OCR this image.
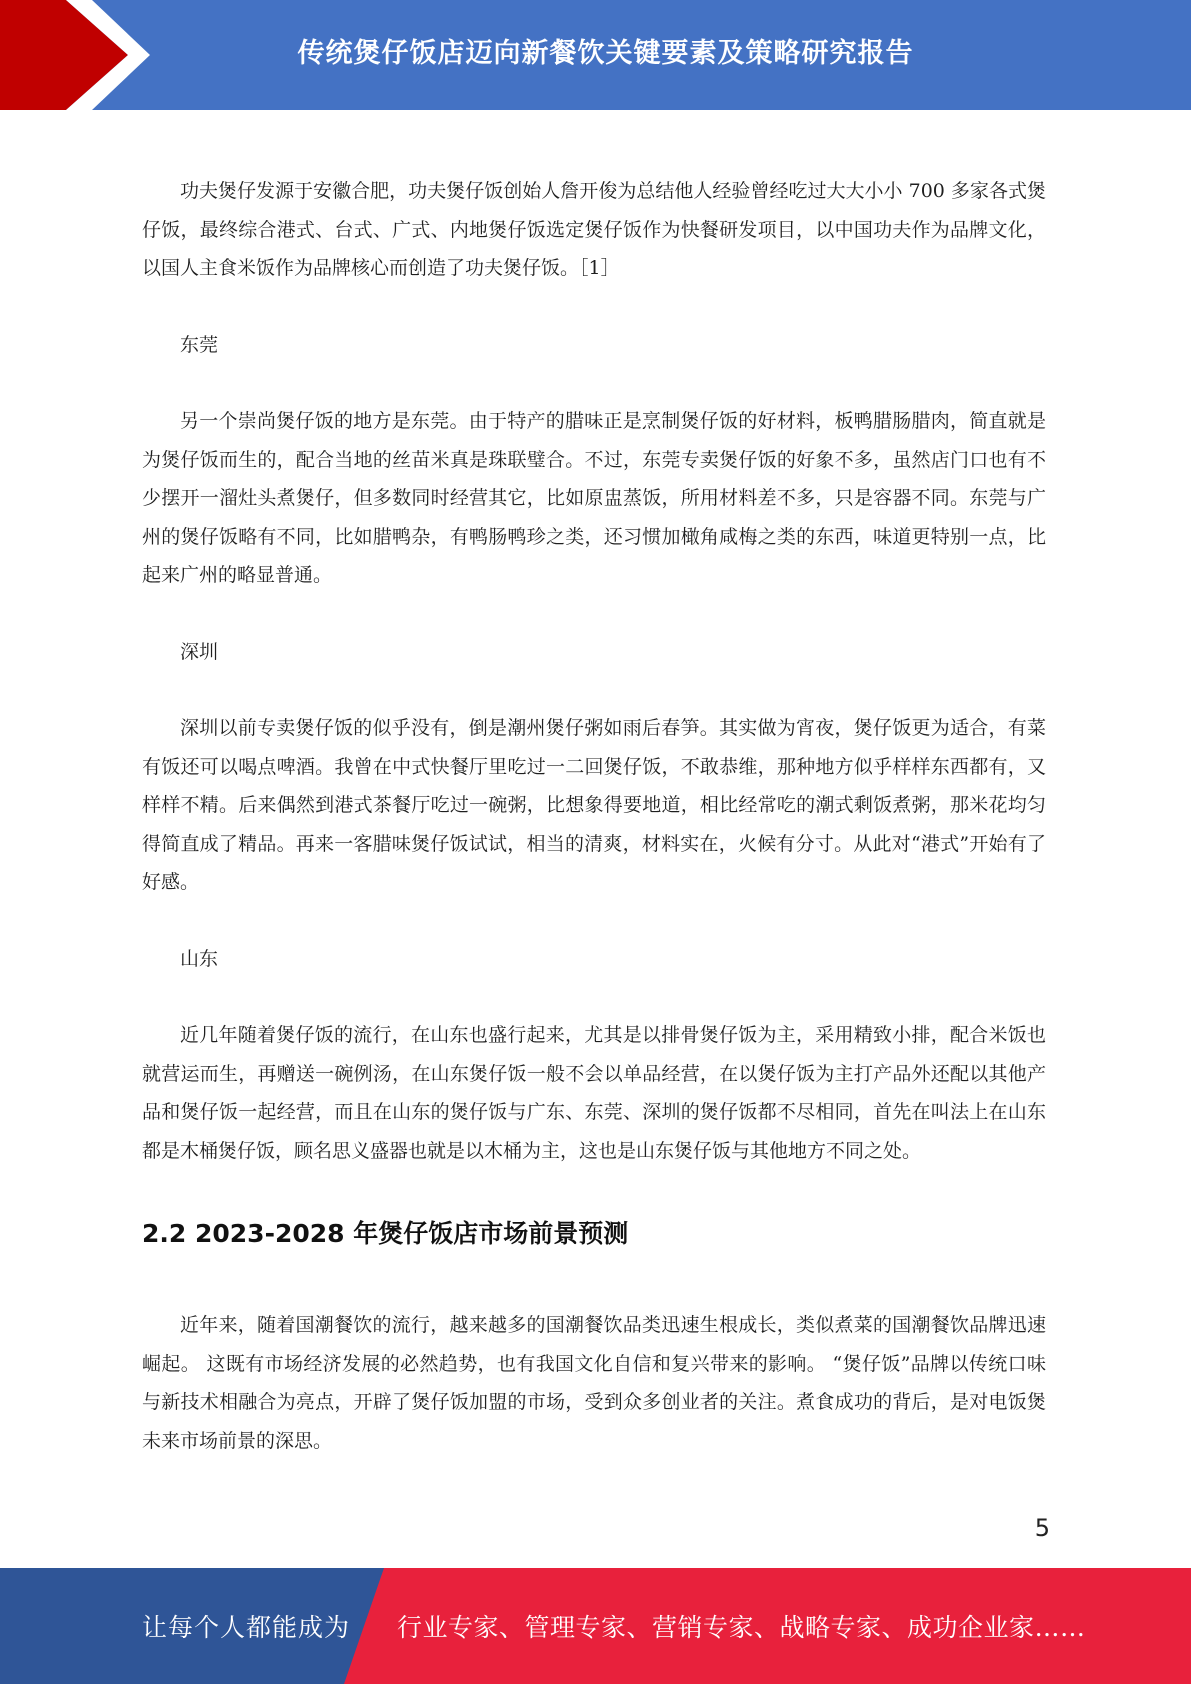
传统煲仔饭店迈向新餐饮关键要素及策略研究报告

功夫煲仔发源于安徽合肥，功夫煲仔饭创始人詹开俊为总结他人经验曾经吃过大大小小 700 多家各式煲仔饭，最终综合港式、台式、广式、内地煲仔饭选定煲仔饭作为快餐研发项目，以中国功夫作为品牌文化，以国人主食米饭作为品牌核心而创造了功夫煲仔饭。［1］

东莞

另一个崇尚煲仔饭的地方是东莞。由于特产的腊味正是烹制煲仔饭的好材料，板鸭腊肠腊肉，简直就是为煲仔饭而生的，配合当地的丝苗米真是珠联璧合。不过，东莞专卖煲仔饭的好象不多，虽然店门口也有不少摆开一溜灶头煮煲仔，但多数同时经营其它，比如原盅蒸饭，所用材料差不多，只是容器不同。东莞与广州的煲仔饭略有不同，比如腊鸭杂，有鸭肠鸭珍之类，还习惯加橄角咸梅之类的东西，味道更特别一点，比起来广州的略显普通。

深圳

深圳以前专卖煲仔饭的似乎没有，倒是潮州煲仔粥如雨后春笋。其实做为宵夜，煲仔饭更为适合，有菜有饭还可以喝点啤酒。我曾在中式快餐厅里吃过一二回煲仔饭，不敢恭维，那种地方似乎样样东西都有，又样样不精。后来偶然到港式茶餐厅吃过一碗粥，比想象得要地道，相比经常吃的潮式剩饭煮粥，那米花均匀得简直成了精品。再来一客腊味煲仔饭试试，相当的清爽，材料实在，火候有分寸。从此对“港式”开始有了好感。

山东

近几年随着煲仔饭的流行，在山东也盛行起来，尤其是以排骨煲仔饭为主，采用精致小排，配合米饭也就营运而生，再赠送一碗例汤，在山东煲仔饭一般不会以单品经营，在以煲仔饭为主打产品外还配以其他产品和煲仔饭一起经营，而且在山东的煲仔饭与广东、东莞、深圳的煲仔饭都不尽相同，首先在叫法上在山东都是木桶煲仔饭，顾名思义盛器也就是以木桶为主，这也是山东煲仔饭与其他地方不同之处。

2.2 2023-2028 年煲仔饭店市场前景预测

近年来，随着国潮餐饮的流行，越来越多的国潮餐饮品类迅速生根成长，类似煮菜的国潮餐饮品牌迅速崛起。 这既有市场经济发展的必然趋势，也有我国文化自信和复兴带来的影响。 “煲仔饭”品牌以传统口味与新技术相融合为亮点，开辟了煲仔饭加盟的市场，受到众多创业者的关注。煮食成功的背后，是对电饭煲未来市场前景的深思。

5
让每个人都能成为 行业专家、管理专家、营销专家、战略专家、成功企业家……
